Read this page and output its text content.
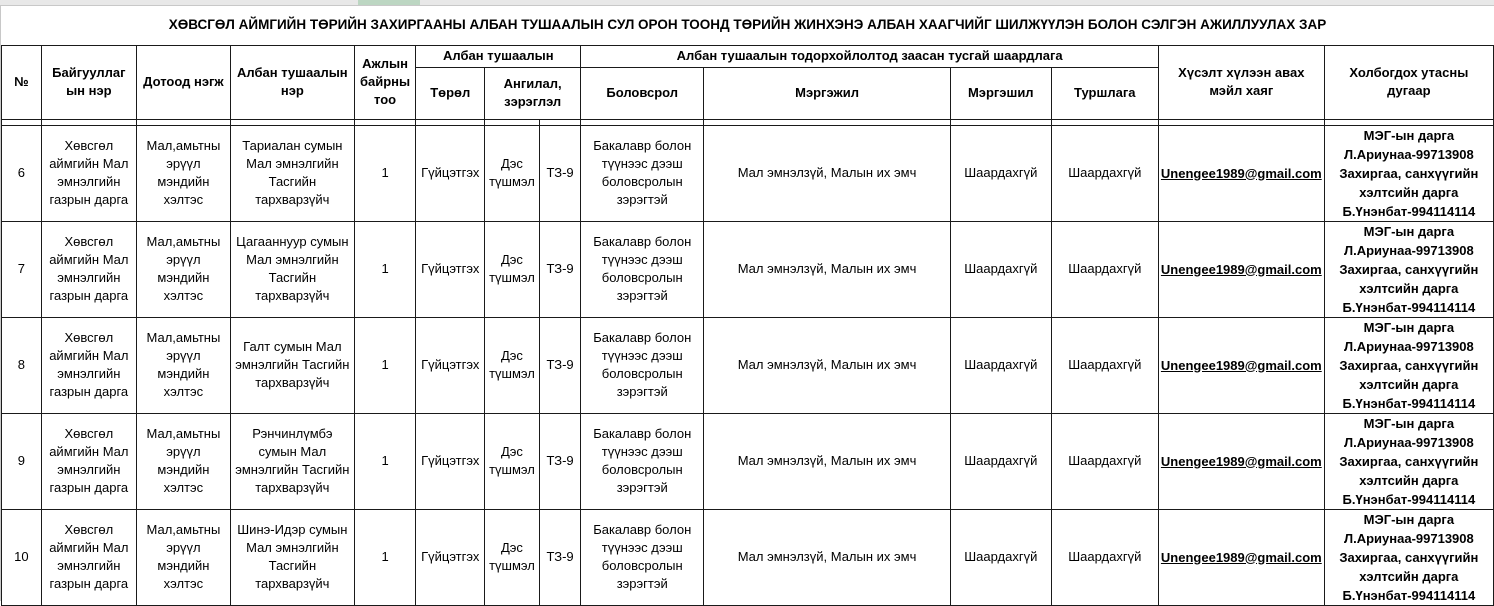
ХӨВСГӨЛ АЙМГИЙН ТӨРИЙН ЗАХИРГААНЫ АЛБАН ТУШААЛЫН СУЛ ОРОН ТООНД ТӨРИЙН ЖИНХЭНЭ АЛБАН ХААГЧИЙГ ШИЛЖҮҮЛЭН БОЛОН СЭЛГЭН АЖИЛЛУУЛАХ ЗАР													
№	Байгууллаг ын нэр	Дотоод нэгж	Албан тушаалын нэр	Ажлын байрны тоо	Албан тушаалын			Албан тушаалын тодорхойлолтод заасан тусгай шаардлага				Хүсэлт хүлээн авах мэйл хаяг	Холбогдох утасны дугаар
					Төрөл	Ангилал, зэрэглэл		Боловсрол	Мэргэжил	Мэргэшил	Туршлага		

6	Хөвсгөл аймгийн Мал эмнэлгийн газрын дарга	Мал,амьтны эрүүл мэндийн хэлтэс	Тариалан сумын Мал эмнэлгийн Тасгийн тархварзүйч	1	Гүйцэтгэх	Дэс түшмэл	ТЗ-9	Бакалавр болон түүнээс дээш боловсролын зэрэгтэй	Мал эмнэлзүй, Малын их эмч	Шаардахгүй	Шаардахгүй	Unengee1989@gmail.com	МЭГ-ын дарга Л.Ариунаа-99713908 Захиргаа, санхүүгийн хэлтсийн дарга Б.Үнэнбат-994114114
7	Хөвсгөл аймгийн Мал эмнэлгийн газрын дарга	Мал,амьтны эрүүл мэндийн хэлтэс	Цагааннуур сумын Мал эмнэлгийн Тасгийн тархварзүйч	1	Гүйцэтгэх	Дэс түшмэл	ТЗ-9	Бакалавр болон түүнээс дээш боловсролын зэрэгтэй	Мал эмнэлзүй, Малын их эмч	Шаардахгүй	Шаардахгүй	Unengee1989@gmail.com	МЭГ-ын дарга Л.Ариунаа-99713908 Захиргаа, санхүүгийн хэлтсийн дарга Б.Үнэнбат-994114114
8	Хөвсгөл аймгийн Мал эмнэлгийн газрын дарга	Мал,амьтны эрүүл мэндийн хэлтэс	Галт сумын Мал эмнэлгийн Тасгийн тархварзүйч	1	Гүйцэтгэх	Дэс түшмэл	ТЗ-9	Бакалавр болон түүнээс дээш боловсролын зэрэгтэй	Мал эмнэлзүй, Малын их эмч	Шаардахгүй	Шаардахгүй	Unengee1989@gmail.com	МЭГ-ын дарга Л.Ариунаа-99713908 Захиргаа, санхүүгийн хэлтсийн дарга Б.Үнэнбат-994114114
9	Хөвсгөл аймгийн Мал эмнэлгийн газрын дарга	Мал,амьтны эрүүл мэндийн хэлтэс	Рэнчинлүмбэ сумын Мал эмнэлгийн Тасгийн тархварзүйч	1	Гүйцэтгэх	Дэс түшмэл	ТЗ-9	Бакалавр болон түүнээс дээш боловсролын зэрэгтэй	Мал эмнэлзүй, Малын их эмч	Шаардахгүй	Шаардахгүй	Unengee1989@gmail.com	МЭГ-ын дарга Л.Ариунаа-99713908 Захиргаа, санхүүгийн хэлтсийн дарга Б.Үнэнбат-994114114
10	Хөвсгөл аймгийн Мал эмнэлгийн газрын дарга	Мал,амьтны эрүүл мэндийн хэлтэс	Шинэ-Идэр сумын Мал эмнэлгийн Тасгийн тархварзүйч	1	Гүйцэтгэх	Дэс түшмэл	ТЗ-9	Бакалавр болон түүнээс дээш боловсролын зэрэгтэй	Мал эмнэлзүй, Малын их эмч	Шаардахгүй	Шаардахгүй	Unengee1989@gmail.com	МЭГ-ын дарга Л.Ариунаа-99713908 Захиргаа, санхүүгийн хэлтсийн дарга Б.Үнэнбат-994114114
